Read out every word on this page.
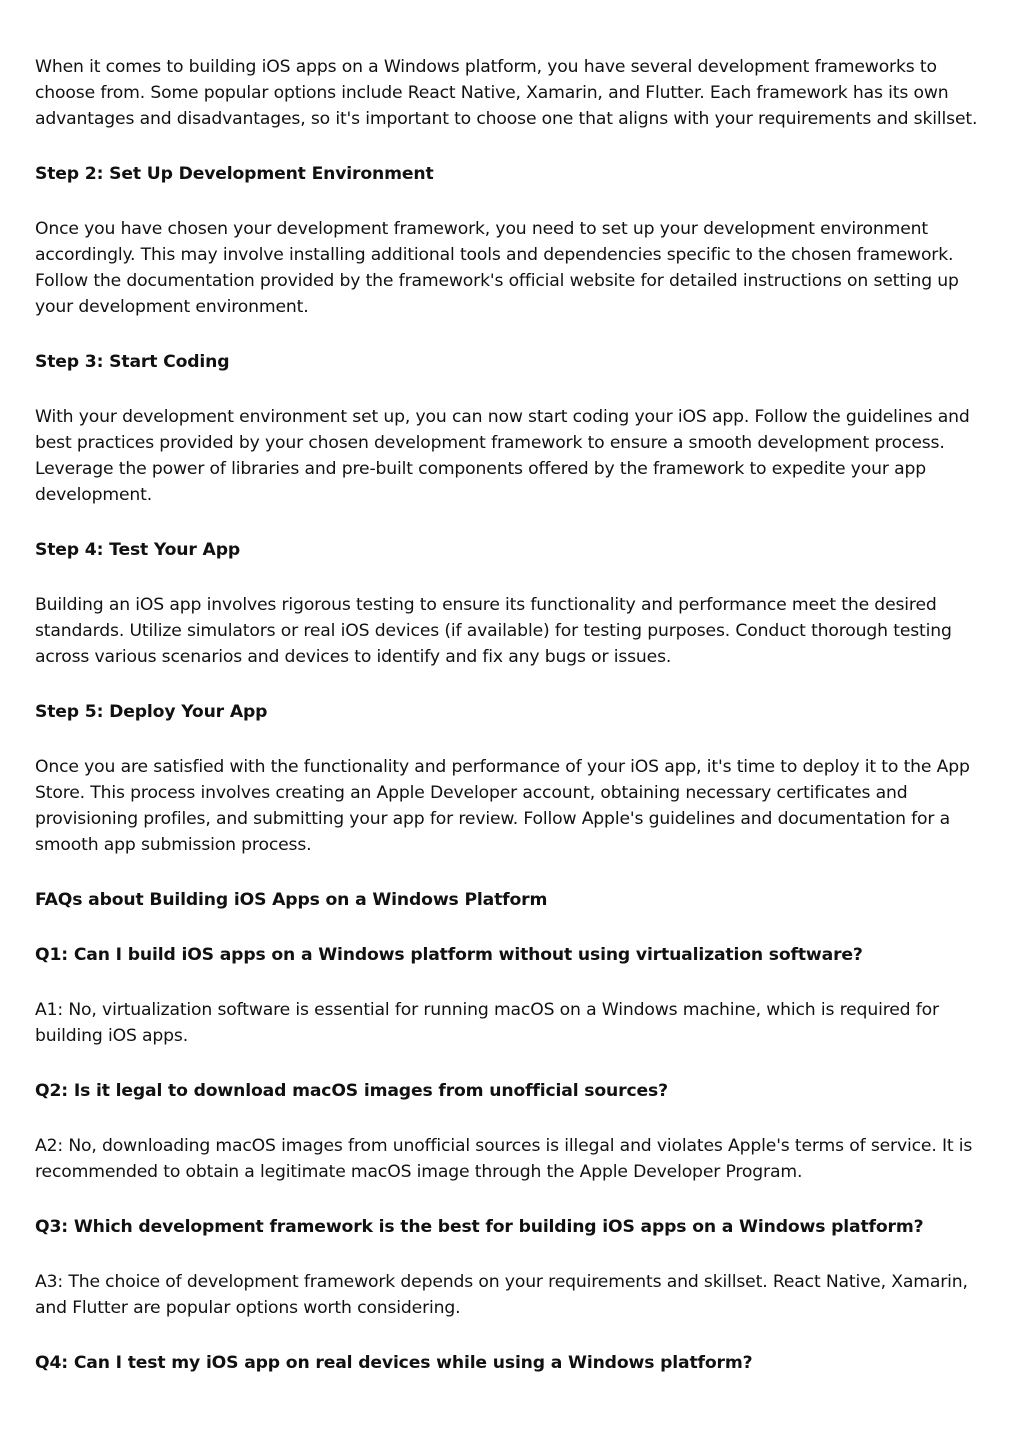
When it comes to building iOS apps on a Windows platform, you have several development frameworks to choose from. Some popular options include React Native, Xamarin, and Flutter. Each framework has its own advantages and disadvantages, so it's important to choose one that aligns with your requirements and skillset.

Step 2: Set Up Development Environment

Once you have chosen your development framework, you need to set up your development environment accordingly. This may involve installing additional tools and dependencies specific to the chosen framework. Follow the documentation provided by the framework's official website for detailed instructions on setting up your development environment.

Step 3: Start Coding

With your development environment set up, you can now start coding your iOS app. Follow the guidelines and best practices provided by your chosen development framework to ensure a smooth development process. Leverage the power of libraries and pre-built components offered by the framework to expedite your app development.

Step 4: Test Your App

Building an iOS app involves rigorous testing to ensure its functionality and performance meet the desired standards. Utilize simulators or real iOS devices (if available) for testing purposes. Conduct thorough testing across various scenarios and devices to identify and fix any bugs or issues.

Step 5: Deploy Your App

Once you are satisfied with the functionality and performance of your iOS app, it's time to deploy it to the App Store. This process involves creating an Apple Developer account, obtaining necessary certificates and provisioning profiles, and submitting your app for review. Follow Apple's guidelines and documentation for a smooth app submission process.

FAQs about Building iOS Apps on a Windows Platform

Q1: Can I build iOS apps on a Windows platform without using virtualization software?

A1: No, virtualization software is essential for running macOS on a Windows machine, which is required for building iOS apps.

Q2: Is it legal to download macOS images from unofficial sources?

A2: No, downloading macOS images from unofficial sources is illegal and violates Apple's terms of service. It is recommended to obtain a legitimate macOS image through the Apple Developer Program.

Q3: Which development framework is the best for building iOS apps on a Windows platform?

A3: The choice of development framework depends on your requirements and skillset. React Native, Xamarin, and Flutter are popular options worth considering.

Q4: Can I test my iOS app on real devices while using a Windows platform?
